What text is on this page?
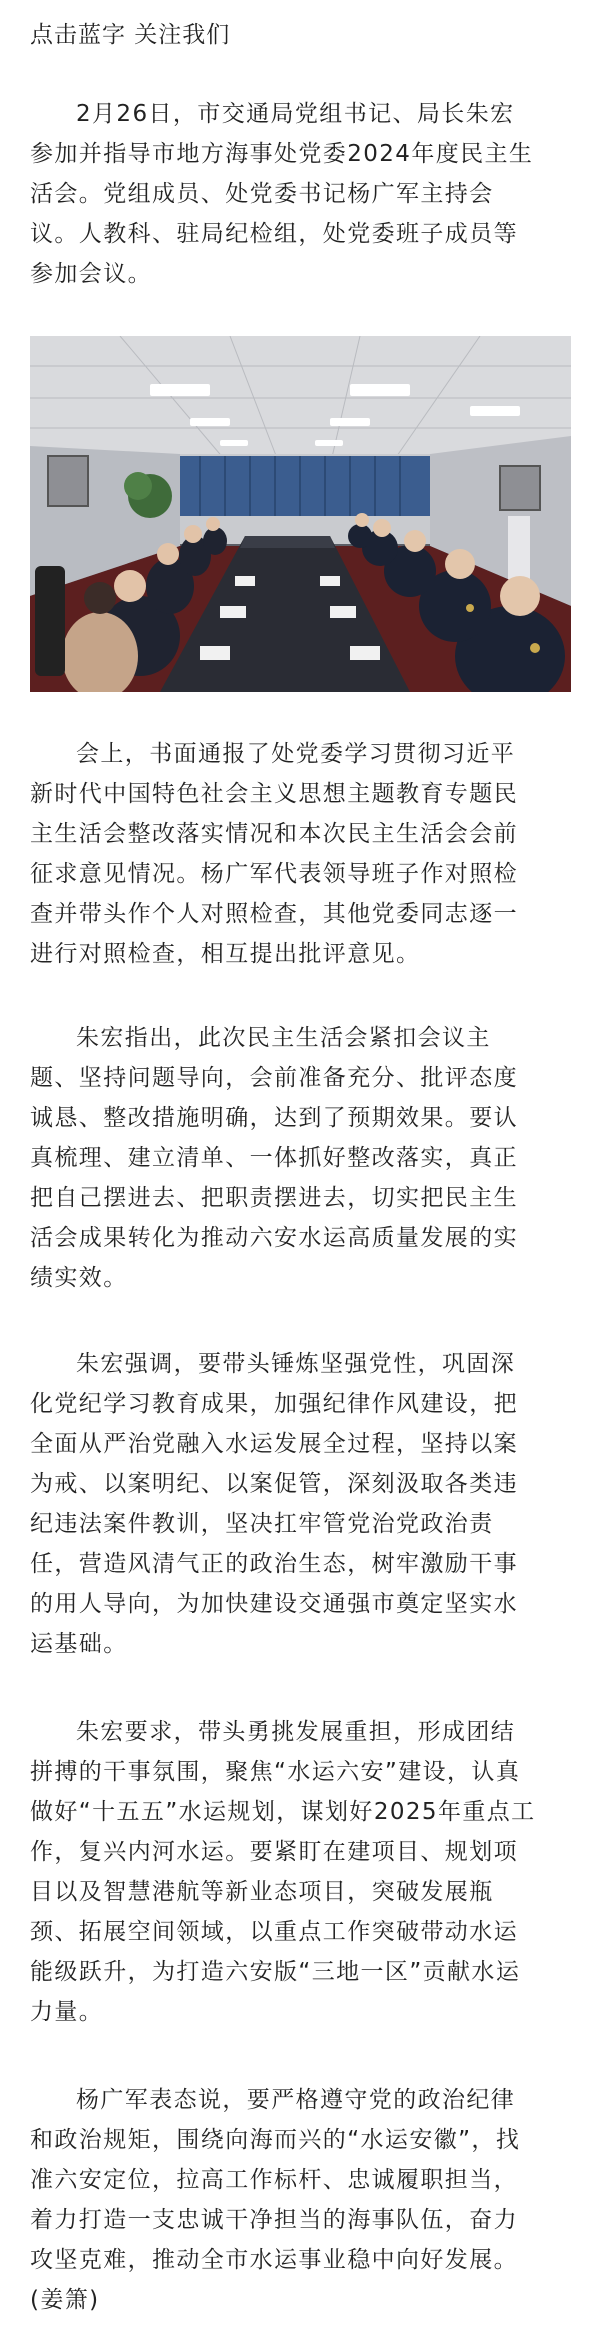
点击蓝字 关注我们
2月26日，市交通局党组书记、局长朱宏
参加并指导市地方海事处党委2024年度民主生
活会。党组成员、处党委书记杨广军主持会
议。人教科、驻局纪检组，处党委班子成员等
参加会议。
会上，书面通报了处党委学习贯彻习近平
新时代中国特色社会主义思想主题教育专题民
主生活会整改落实情况和本次民主生活会会前
征求意见情况。杨广军代表领导班子作对照检
查并带头作个人对照检查，其他党委同志逐一
进行对照检查，相互提出批评意见。
朱宏指出，此次民主生活会紧扣会议主
题、坚持问题导向，会前准备充分、批评态度
诚恳、整改措施明确，达到了预期效果。要认
真梳理、建立清单、一体抓好整改落实，真正
把自己摆进去、把职责摆进去，切实把民主生
活会成果转化为推动六安水运高质量发展的实
绩实效。
朱宏强调，要带头锤炼坚强党性，巩固深
化党纪学习教育成果，加强纪律作风建设，把
全面从严治党融入水运发展全过程，坚持以案
为戒、以案明纪、以案促管，深刻汲取各类违
纪违法案件教训，坚决扛牢管党治党政治责
任，营造风清气正的政治生态，树牢激励干事
的用人导向，为加快建设交通强市奠定坚实水
运基础。
朱宏要求，带头勇挑发展重担，形成团结
拼搏的干事氛围，聚焦“水运六安”建设，认真
做好“十五五”水运规划，谋划好2025年重点工
作，复兴内河水运。要紧盯在建项目、规划项
目以及智慧港航等新业态项目，突破发展瓶
颈、拓展空间领域，以重点工作突破带动水运
能级跃升，为打造六安版“三地一区”贡献水运
力量。
杨广军表态说，要严格遵守党的政治纪律
和政治规矩，围绕向海而兴的“水运安徽”，找
准六安定位，拉高工作标杆、忠诚履职担当，
着力打造一支忠诚干净担当的海事队伍，奋力
攻坚克难，推动全市水运事业稳中向好发展。
(姜箫)
